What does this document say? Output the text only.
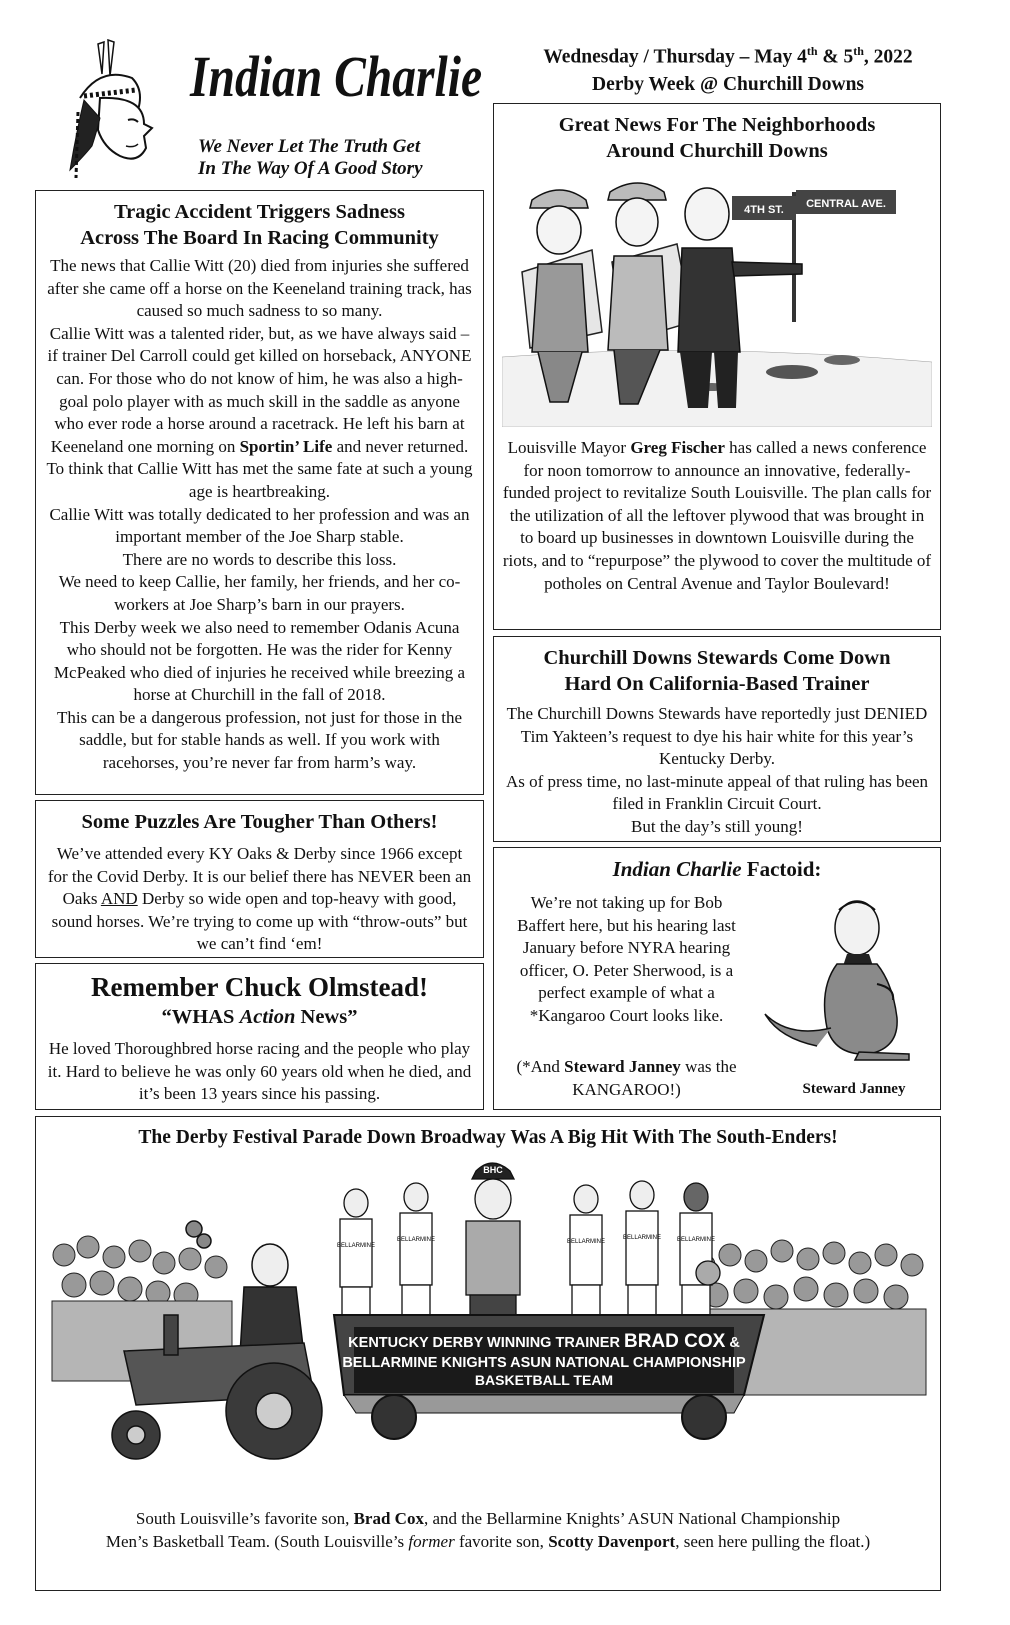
Indian Charlie
We Never Let The Truth Get
In The Way Of A Good Story
Wednesday / Thursday – May 4th & 5th, 2022
Derby Week @ Churchill Downs
Tragic Accident Triggers Sadness
Across The Board In Racing Community

The news that Callie Witt (20) died from injuries she suffered after she came off a horse on the Keeneland training track, has caused so much sadness to so many.

Callie Witt was a talented rider, but, as we have always said – if trainer Del Carroll could get killed on horseback, ANYONE can. For those who do not know of him, he was also a high-goal polo player with as much skill in the saddle as anyone who ever rode a horse around a racetrack. He left his barn at Keeneland one morning on Sportin’ Life and never returned.

To think that Callie Witt has met the same fate at such a young age is heartbreaking.

Callie Witt was totally dedicated to her profession and was an important member of the Joe Sharp stable.

There are no words to describe this loss.

We need to keep Callie, her family, her friends, and her co-workers at Joe Sharp’s barn in our prayers.

This Derby week we also need to remember Odanis Acuna who should not be forgotten. He was the rider for Kenny McPeaked who died of injuries he received while breezing a horse at Churchill in the fall of 2018.

This can be a dangerous profession, not just for those in the saddle, but for stable hands as well. If you work with racehorses, you’re never far from harm’s way.

Some Puzzles Are Tougher Than Others!
We’ve attended every KY Oaks & Derby since 1966 except for the Covid Derby. It is our belief there has NEVER been an Oaks AND Derby so wide open and top-heavy with good, sound horses. We’re trying to come up with “throw-outs” but we can’t find ‘em!
Remember Chuck Olmstead!
“WHAS Action News”
He loved Thoroughbred horse racing and the people who play it. Hard to believe he was only 60 years old when he died, and it’s been 13 years since his passing.
Great News For The Neighborhoods
Around Churchill Downs
4TH ST. CENTRAL AVE.
Louisville Mayor Greg Fischer has called a news conference for noon tomorrow to announce an innovative, federally-funded project to revitalize South Louisville. The plan calls for the utilization of all the leftover plywood that was brought in to board up businesses in downtown Louisville during the riots, and to “repurpose” the plywood to cover the multitude of potholes on Central Avenue and Taylor Boulevard!
Churchill Downs Stewards Come Down
Hard On California-Based Trainer

The Churchill Downs Stewards have reportedly just DENIED Tim Yakteen’s request to dye his hair white for this year’s Kentucky Derby.

As of press time, no last-minute appeal of that ruling has been filed in Franklin Circuit Court.

But the day’s still young!

Indian Charlie Factoid:
We’re not taking up for Bob Baffert here, but his hearing last January before NYRA hearing officer, O. Peter Sherwood, is a perfect example of what a *Kangaroo Court looks like.
(*And Steward Janney was the KANGAROO!)	Steward Janney
The Derby Festival Parade Down Broadway Was A Big Hit With The South-Enders!
BELLARMINE
BELLARMINE	BELLARMINE
BELLARMINE	BELLARMINE
BHC
KENTUCKY DERBY WINNING TRAINER BRAD COX &
BELLARMINE KNIGHTS ASUN NATIONAL CHAMPIONSHIP
BASKETBALL TEAM
South Louisville’s favorite son, Brad Cox, and the Bellarmine Knights’ ASUN National Championship
Men’s Basketball Team. (South Louisville’s former favorite son, Scotty Davenport, seen here pulling the float.)
